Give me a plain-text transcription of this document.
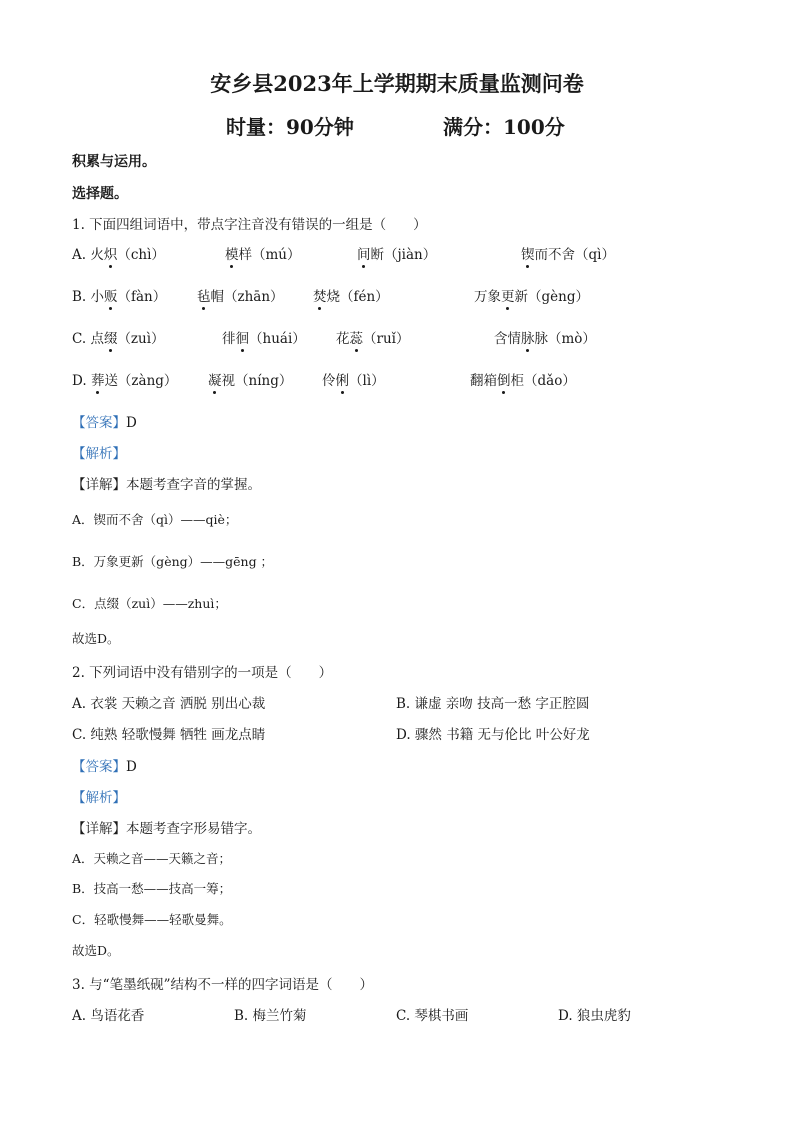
安乡县2023年上学期期末质量监测问卷
时量：90分钟	满分：100分
积累与运用。
选择题。
1. 下面四组词语中，带点字注音没有错误的一组是（　　）
A. 火炽（chì）	模样（mú）	间断（jiàn）	锲而不舍（qì）
B. 小贩（fàn） 毡帽（zhān） 焚烧（fén）	万象更新（gèng）
C. 点缀（zuì）	徘徊（huái） 花蕊（ruǐ）	含情脉脉（mò）
D. 葬送（zàng） 凝视（níng） 伶俐（lì）	翻箱倒柜（dǎo）
【答案】D
【解析】
【详解】本题考查字音的掌握。
A．锲而不舍（qì）——qiè；
B．万象更新（gèng）——gēng ；
C．点缀（zuì）——zhuì；
故选D。
2. 下列词语中没有错别字的一项是（　　）
A. 衣裳 天赖之音 洒脱 别出心裁	B. 谦虚 亲吻 技高一愁 字正腔圆
C. 纯熟 轻歌慢舞 牺牲 画龙点睛	D. 骤然 书籍 无与伦比 叶公好龙
【答案】D
【解析】
【详解】本题考查字形易错字。
A．天赖之音——天籁之音；
B．技高一愁——技高一筹；
C．轻歌慢舞——轻歌曼舞。
故选D。
3. 与“笔墨纸砚”结构不一样的四字词语是（　　）
A. 鸟语花香	B. 梅兰竹菊	C. 琴棋书画	D. 狼虫虎豹
